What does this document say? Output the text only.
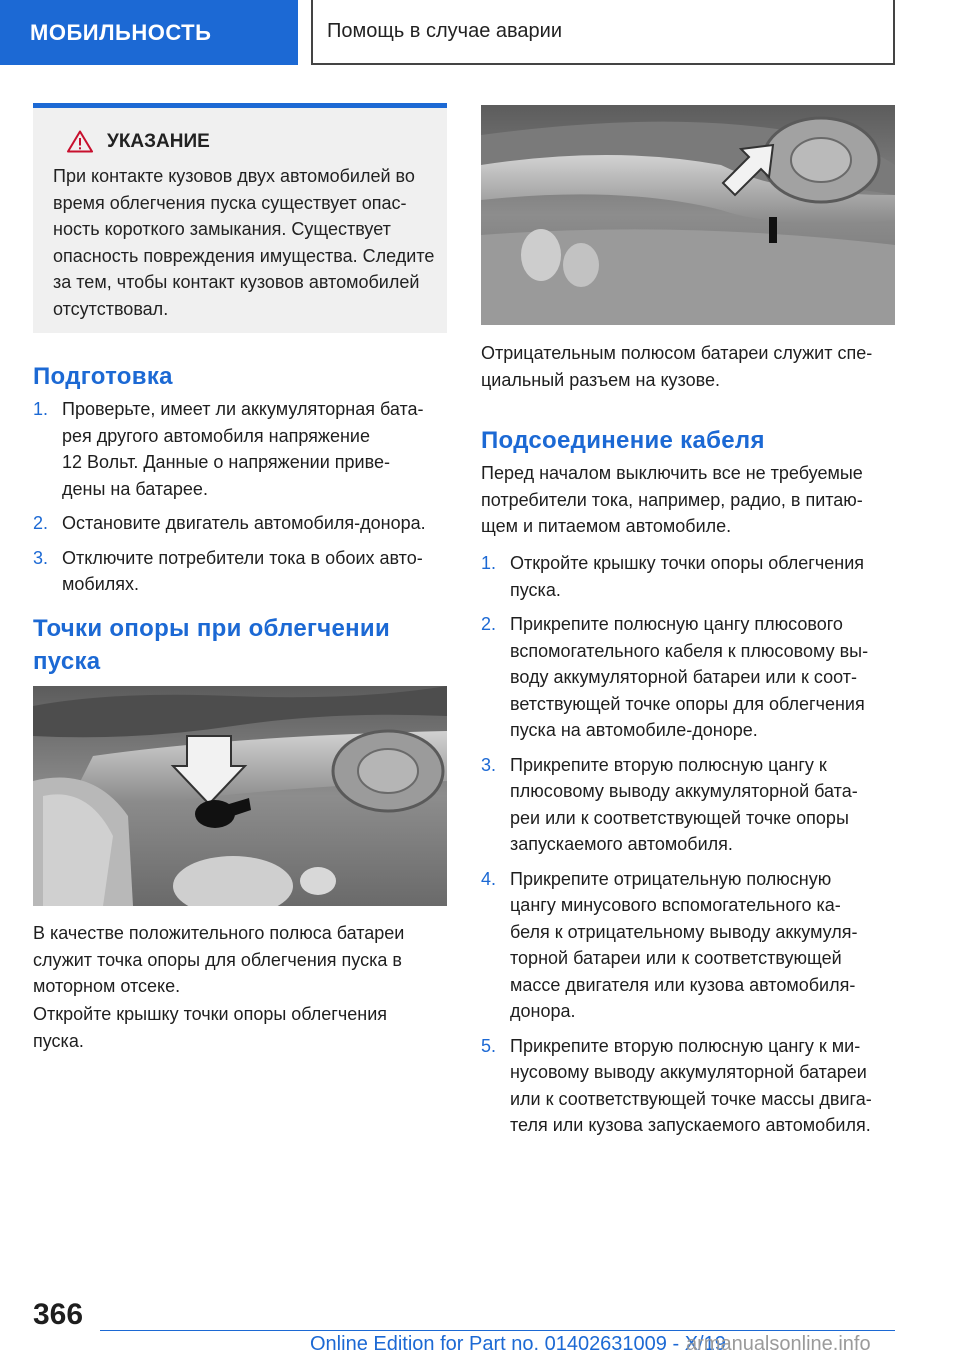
МОБИЛЬНОСТЬ	Помощь в случае аварии
УКАЗАНИЕ
При контакте кузовов двух автомобилей во
время облегчения пуска существует опас-
ность короткого замыкания. Существует
опасность повреждения имущества. Следите
за тем, чтобы контакт кузовов автомобилей
отсутствовал.
Подготовка
1. Проверьте, имеет ли аккумуляторная бата-
рея другого автомобиля напряжение
12 Вольт. Данные о напряжении приве-
дены на батарее.
2. Остановите двигатель автомобиля-донора.
3. Отключите потребители тока в обоих авто-
мобилях.
Точки опоры при облегчении
пуска
В качестве положительного полюса батареи
служит точка опоры для облегчения пуска в
моторном отсеке.
Откройте крышку точки опоры облегчения
пуска.
Отрицательным полюсом батареи служит спе-
циальный разъем на кузове.
Подсоединение кабеля
Перед началом выключить все не требуемые
потребители тока, например, радио, в питаю-
щем и питаемом автомобиле.
1. Откройте крышку точки опоры облегчения
пуска.
2. Прикрепите полюсную цангу плюсового
вспомогательного кабеля к плюсовому вы-
воду аккумуляторной батареи или к соот-
ветствующей точке опоры для облегчения
пуска на автомобиле-доноре.
3. Прикрепите вторую полюсную цангу к
плюсовому выводу аккумуляторной бата-
реи или к соответствующей точке опоры
запускаемого автомобиля.
4. Прикрепите отрицательную полюсную
цангу минусового вспомогательного ка-
беля к отрицательному выводу аккумуля-
торной батареи или к соответствующей
массе двигателя или кузова автомобиля-
донора.
5. Прикрепите вторую полюсную цангу к ми-
нусовому выводу аккумуляторной батареи
или к соответствующей точке массы двига-
теля или кузова запускаемого автомобиля.
366
Online Edition for Part no. 01402631009 - X/19
armanualsonline.info
